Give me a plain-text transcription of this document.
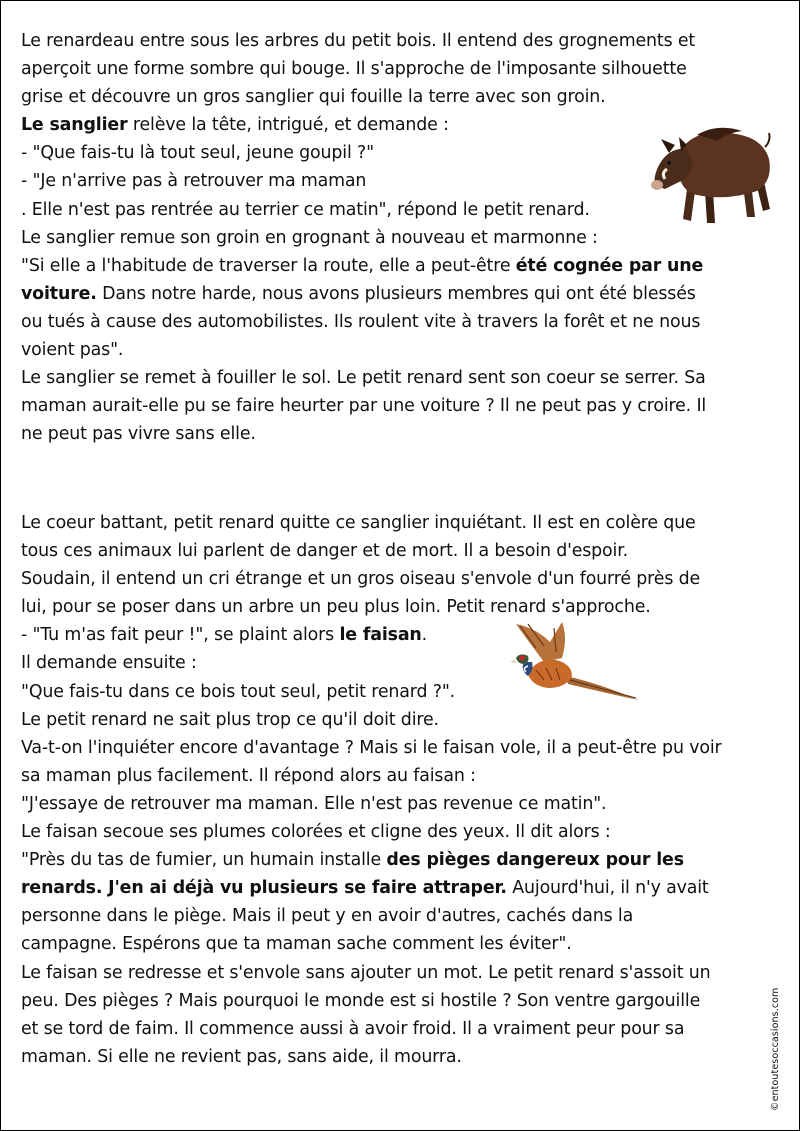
Le renardeau entre sous les arbres du petit bois. Il entend des grognements et
aperçoit une forme sombre qui bouge. Il s'approche de l'imposante silhouette
grise et découvre un gros sanglier qui fouille la terre avec son groin.
Le sanglier relève la tête, intrigué, et demande :
- "Que fais-tu là tout seul, jeune goupil ?"
- "Je n'arrive pas à retrouver ma maman
. Elle n'est pas rentrée au terrier ce matin", répond le petit renard.
Le sanglier remue son groin en grognant à nouveau et marmonne :
"Si elle a l'habitude de traverser la route, elle a peut-être été cognée par une
voiture. Dans notre harde, nous avons plusieurs membres qui ont été blessés
ou tués à cause des automobilistes. Ils roulent vite à travers la forêt et ne nous
voient pas".
Le sanglier se remet à fouiller le sol. Le petit renard sent son coeur se serrer. Sa
maman aurait-elle pu se faire heurter par une voiture ? Il ne peut pas y croire. Il
ne peut pas vivre sans elle.
Le coeur battant, petit renard quitte ce sanglier inquiétant. Il est en colère que
tous ces animaux lui parlent de danger et de mort. Il a besoin d'espoir.
Soudain, il entend un cri étrange et un gros oiseau s'envole d'un fourré près de
lui, pour se poser dans un arbre un peu plus loin. Petit renard s'approche.
- "Tu m'as fait peur !", se plaint alors le faisan.
Il demande ensuite :
"Que fais-tu dans ce bois tout seul, petit renard ?".
Le petit renard ne sait plus trop ce qu'il doit dire.
Va-t-on l'inquiéter encore d'avantage ? Mais si le faisan vole, il a peut-être pu voir
sa maman plus facilement. Il répond alors au faisan :
"J'essaye de retrouver ma maman. Elle n'est pas revenue ce matin".
Le faisan secoue ses plumes colorées et cligne des yeux. Il dit alors :
"Près du tas de fumier, un humain installe des pièges dangereux pour les
renards. J'en ai déjà vu plusieurs se faire attraper. Aujourd'hui, il n'y avait
personne dans le piège. Mais il peut y en avoir d'autres, cachés dans la
campagne. Espérons que ta maman sache comment les éviter".
Le faisan se redresse et s'envole sans ajouter un mot. Le petit renard s'assoit un
peu. Des pièges ? Mais pourquoi le monde est si hostile ? Son ventre gargouille
et se tord de faim. Il commence aussi à avoir froid. Il a vraiment peur pour sa
maman. Si elle ne revient pas, sans aide, il mourra.	©entoutesoccasions.com
